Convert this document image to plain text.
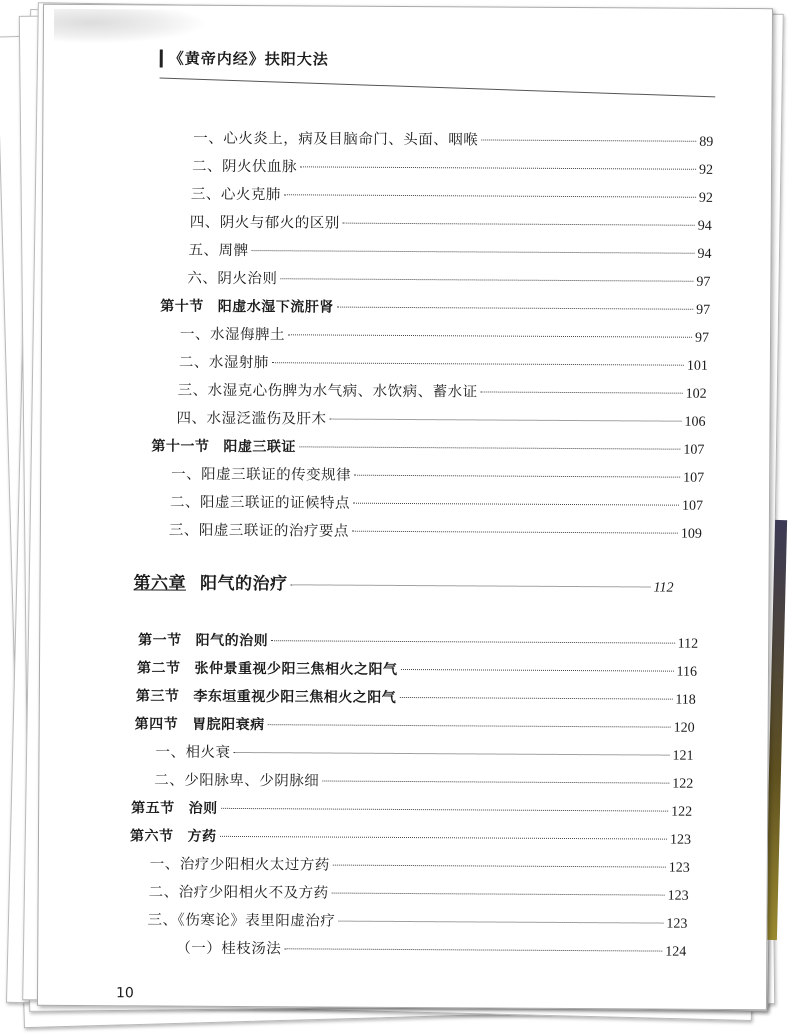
《黄帝内经》扶阳大法
一、心火炎上，病及目脑命门、头面、咽喉	89
二、阴火伏血脉	92
三、心火克肺	92
四、阴火与郁火的区别	94
五、周髀	94
六、阴火治则	97
第十节 阳虚水湿下流肝肾	97
一、水湿侮脾土	97
二、水湿射肺	101
三、水湿克心伤脾为水气病、水饮病、蓄水证	102
四、水湿泛滥伤及肝木	106
第十一节 阳虚三联证	107
一、阳虚三联证的传变规律	107
二、阳虚三联证的证候特点	107
三、阳虚三联证的治疗要点	109
第六章 阳气的治疗	112
第一节 阳气的治则	112
第二节 张仲景重视少阳三焦相火之阳气	116
第三节 李东垣重视少阳三焦相火之阳气	118
第四节 胃脘阳衰病	120
一、相火衰	121
二、少阳脉卑、少阴脉细	122
第五节 治则	122
第六节 方药	123
一、治疗少阳相火太过方药	123
二、治疗少阳相火不及方药	123
三、《伤寒论》表里阳虚治疗	123
（一）桂枝汤法	124
10
